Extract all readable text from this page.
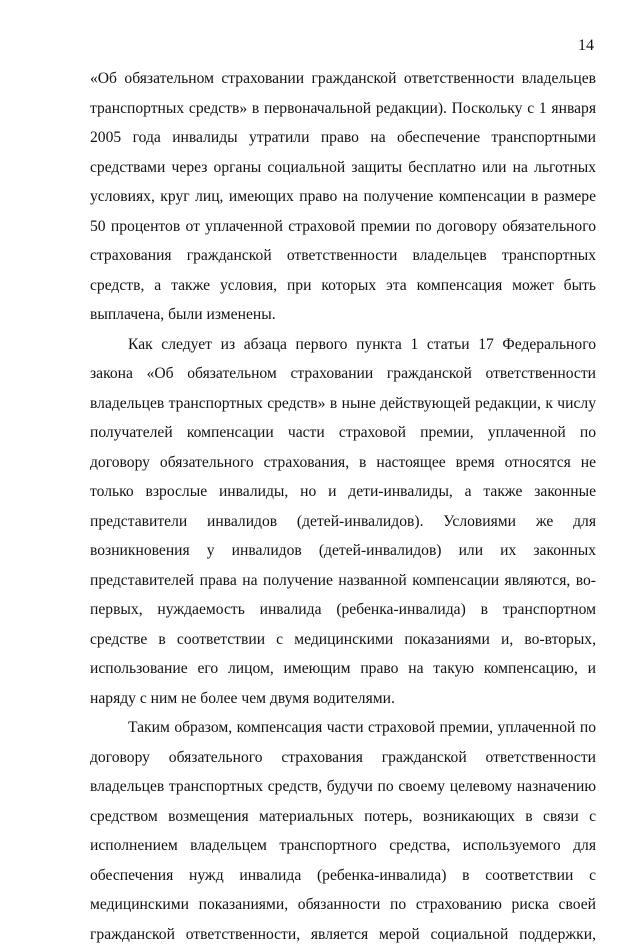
14

«Об обязательном страховании гражданской ответственности владельцев
транспортных средств» в первоначальной редакции). Поскольку с 1 января
2005 года инвалиды утратили право на обеспечение транспортными
средствами через органы социальной защиты бесплатно или на льготных
условиях, круг лиц, имеющих право на получение компенсации в размере
50 процентов от уплаченной страховой премии по договору обязательного
страхования гражданской ответственности владельцев транспортных
средств, а также условия, при которых эта компенсация может быть
выплачена, были изменены.

Как следует из абзаца первого пункта 1 статьи 17 Федерального
закона «Об обязательном страховании гражданской ответственности
владельцев транспортных средств» в ныне действующей редакции, к числу
получателей компенсации части страховой премии, уплаченной по
договору обязательного страхования, в настоящее время относятся не
только взрослые инвалиды, но и дети-инвалиды, а также законные
представители инвалидов (детей-инвалидов). Условиями же для
возникновения у инвалидов (детей-инвалидов) или их законных
представителей права на получение названной компенсации являются, во-
первых, нуждаемость инвалида (ребенка-инвалида) в транспортном
средстве в соответствии с медицинскими показаниями и, во-вторых,
использование его лицом, имеющим право на такую компенсацию, и
наряду с ним не более чем двумя водителями.

Таким образом, компенсация части страховой премии, уплаченной по
договору обязательного страхования гражданской ответственности
владельцев транспортных средств, будучи по своему целевому назначению
средством возмещения материальных потерь, возникающих в связи с
исполнением владельцем транспортного средства, используемого для
обеспечения нужд инвалида (ребенка-инвалида) в соответствии с
медицинскими показаниями, обязанности по страхованию риска своей
гражданской ответственности, является мерой социальной поддержки,
